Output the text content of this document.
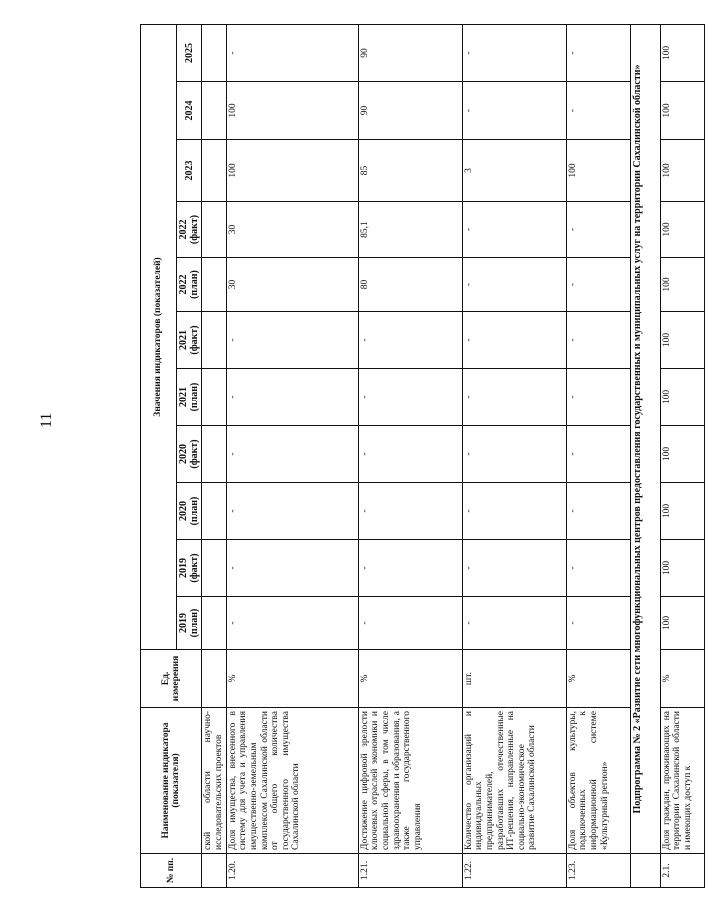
11
№ пп.	Наименование индикатора (показателя)	Ед. измерения	Значения индикаторов (показателей)										
			2019 (план)	2019 (факт)	2020 (план)	2020 (факт)	2021 (план)	2021 (факт)	2022 (план)	2022 (факт)	2023	2024	2025
	ской области научно-исследовательских проектов												
1.20.	Доля имущества, внесенного в систему для учета и управления имущественно-земельным комплексом Сахалинской области от общего количества государственного имущества Сахалинской области	%	-	-	-	-	-	-	30	30	100	100	-
1.21.	Достижение цифровой зрелости ключевых отраслей экономики и социальной сферы, в том числе здравоохранения и образования, а также государственного управления	%	-	-	-	-	-	-	80	85,1	85	90	90
1.22.	Количество организаций и индивидуальных предпринимателей, разработавших отечественные ИТ-решения, направленные на социально-экономическое развитие Сахалинской области	шт.	-	-	-	-	-	-	-	-	3	-	-
1.23.	Доля объектов культуры, подключенных к информационной системе «Культурный регион»	%	-	-	-	-	-	-	-	-	100	-	-
	Подпрограмма № 2 «Развитие сети многофункциональных центров предоставления государственных и муниципальных услуг на территории Сахалинской области»												
2.1.	Доля граждан, проживающих на территории Сахалинской области и имеющих доступ к	%	100	100	100	100	100	100	100	100	100	100	100
